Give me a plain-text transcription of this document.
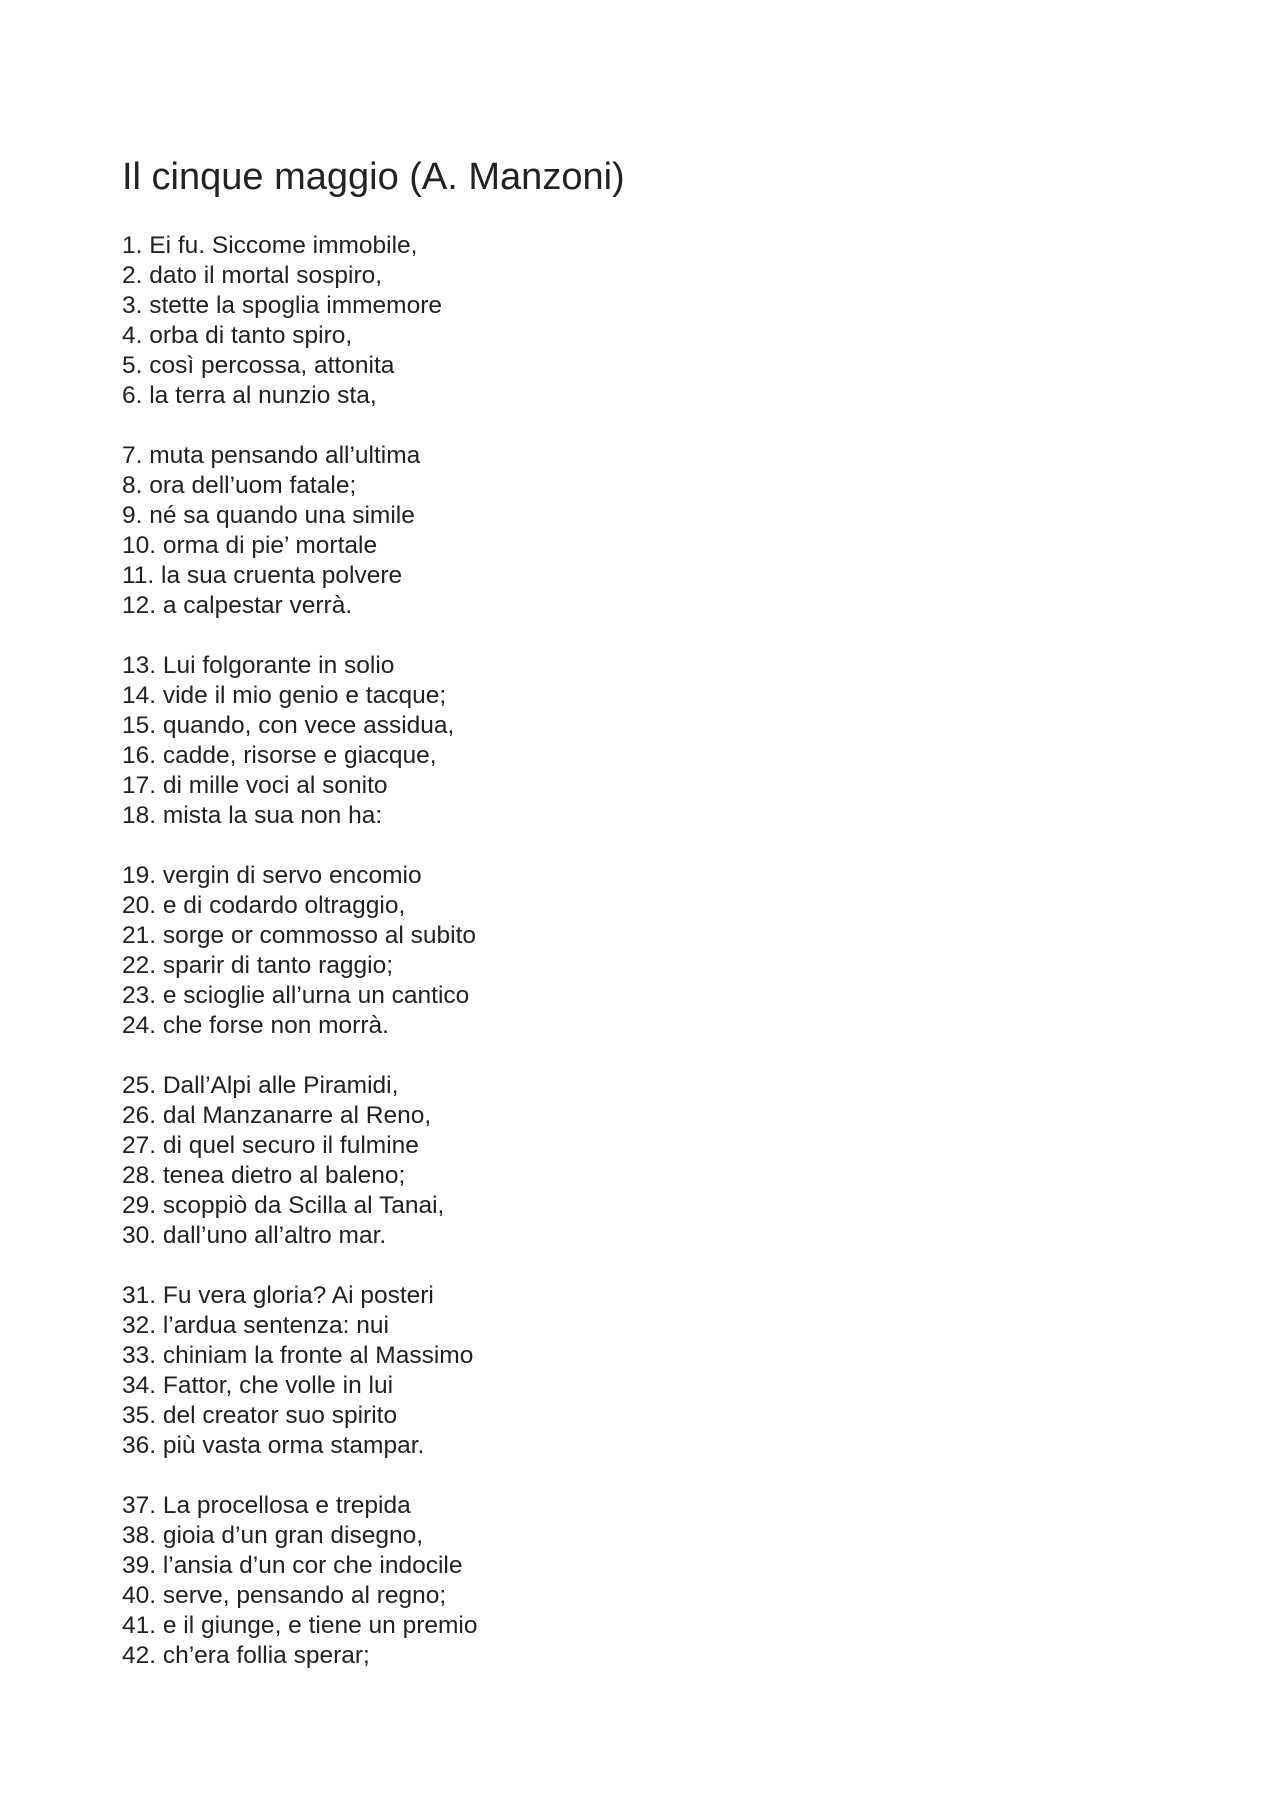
Il cinque maggio (A. Manzoni)
1. Ei fu. Siccome immobile,
2. dato il mortal sospiro,
3. stette la spoglia immemore
4. orba di tanto spiro,
5. così percossa, attonita
6. la terra al nunzio sta,
7. muta pensando all’ultima
8. ora dell’uom fatale;
9. né sa quando una simile
10. orma di pie’ mortale
11. la sua cruenta polvere
12. a calpestar verrà.
13. Lui folgorante in solio
14. vide il mio genio e tacque;
15. quando, con vece assidua,
16. cadde, risorse e giacque,
17. di mille voci al sonito
18. mista la sua non ha:
19. vergin di servo encomio
20. e di codardo oltraggio,
21. sorge or commosso al subito
22. sparir di tanto raggio;
23. e scioglie all’urna un cantico
24. che forse non morrà.
25. Dall’Alpi alle Piramidi,
26. dal Manzanarre al Reno,
27. di quel securo il fulmine
28. tenea dietro al baleno;
29. scoppiò da Scilla al Tanai,
30. dall’uno all’altro mar.
31. Fu vera gloria? Ai posteri
32. l’ardua sentenza: nui
33. chiniam la fronte al Massimo
34. Fattor, che volle in lui
35. del creator suo spirito
36. più vasta orma stampar.
37. La procellosa e trepida
38. gioia d’un gran disegno,
39. l’ansia d’un cor che indocile
40. serve, pensando al regno;
41. e il giunge, e tiene un premio
42. ch’era follia sperar;
